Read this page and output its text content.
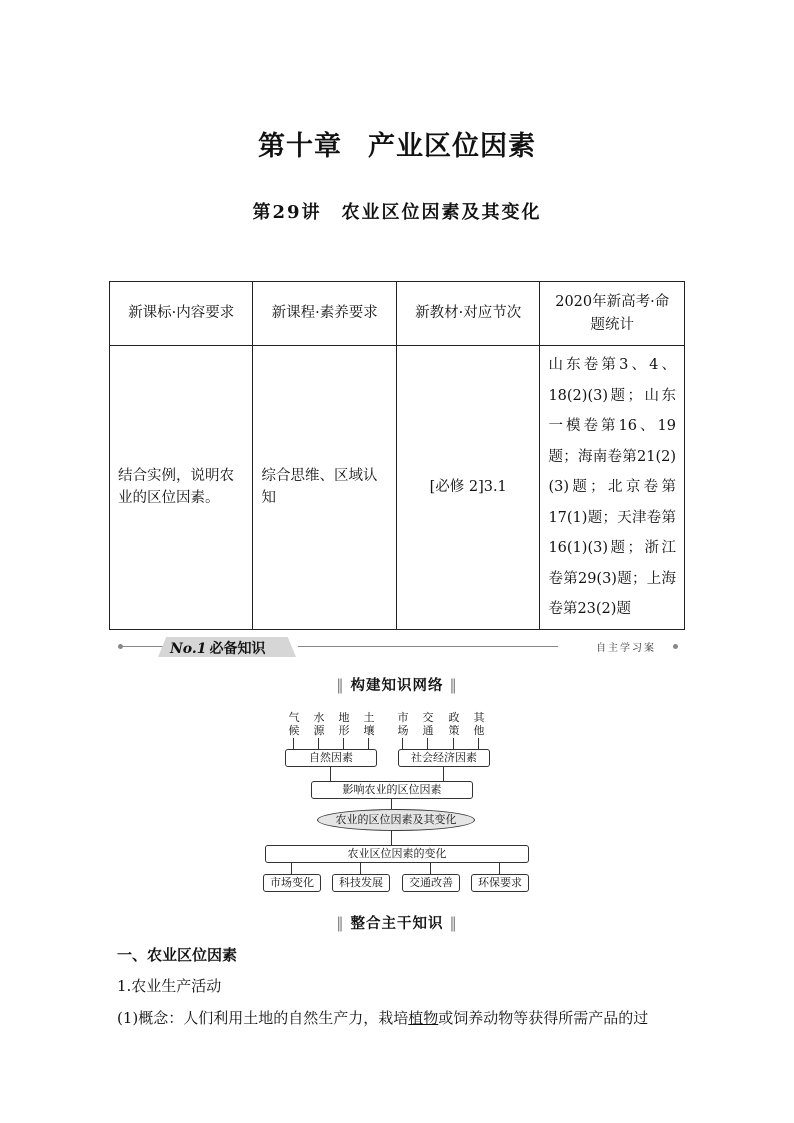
第十章 产业区位因素
第29讲 农业区位因素及其变化
新课标·内容要求	新课程·素养要求	新教材·对应节次	2020年新高考·命题统计
结合实例，说明农业的区位因素。	综合思维、区域认知	[必修 2]3.1	山东卷第3、4、18(2)(3)题；山东一模卷第16、19题；海南卷第21(2)(3)题；北京卷第17(1)题；天津卷第16(1)(3)题；浙江卷第29(3)题；上海卷第23(2)题
No.1 必备知识	自主学习案
‖ 构建知识网络 ‖
气候
水源
地形
土壤
市场
交通
政策
其他
自然因素	社会经济因素
影响农业的区位因素
农业的区位因素及其变化
农业区位因素的变化
市场变化	科技发展	交通改善	环保要求
‖ 整合主干知识 ‖
一、农业区位因素
1.农业生产活动
(1)概念：人们利用土地的自然生产力，栽培植物或饲养动物等获得所需产品的过
